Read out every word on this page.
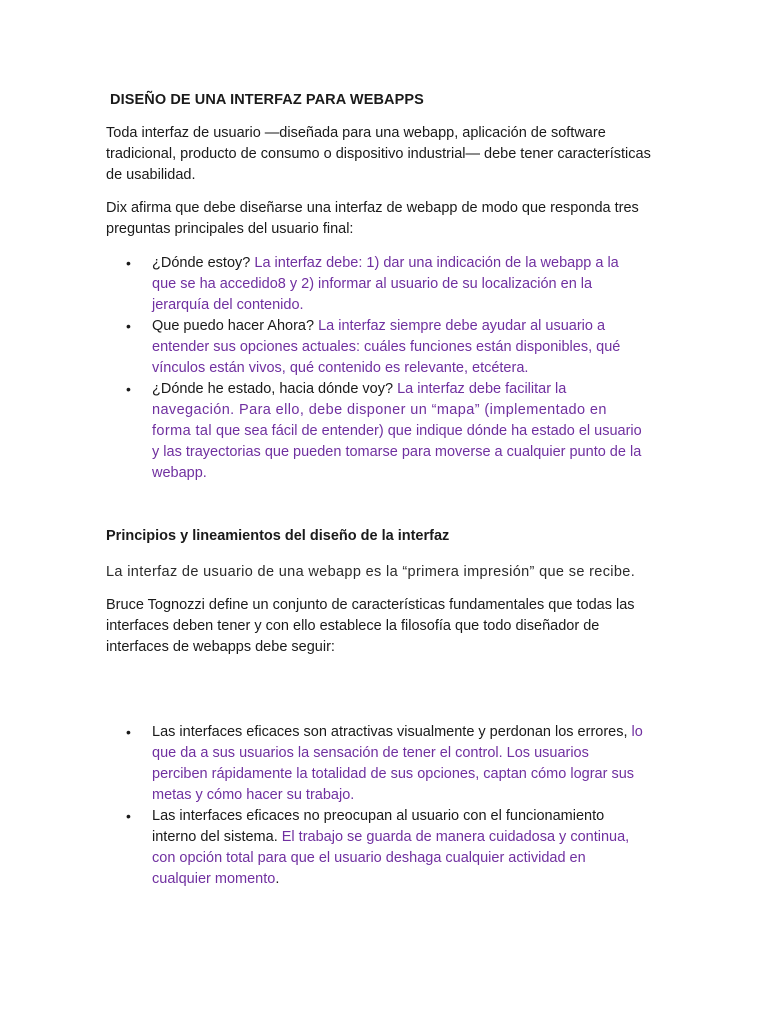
DISEÑO DE UNA INTERFAZ PARA WEBAPPS

Toda interfaz de usuario —diseñada para una webapp, aplicación de software tradicional, producto de consumo o dispositivo industrial— debe tener características de usabilidad.

Dix afirma que debe diseñarse una interfaz de webapp de modo que responda tres preguntas principales del usuario final:

• ¿Dónde estoy? La interfaz debe: 1) dar una indicación de la webapp a la que se ha accedido8 y 2) informar al usuario de su localización en la jerarquía del contenido.
• Que puedo hacer Ahora? La interfaz siempre debe ayudar al usuario a entender sus opciones actuales: cuáles funciones están disponibles, qué vínculos están vivos, qué contenido es relevante, etcétera.
• ¿Dónde he estado, hacia dónde voy? La interfaz debe facilitar la navegación. Para ello, debe disponer un “mapa” (implementado en forma tal que sea fácil de entender) que indique dónde ha estado el usuario y las trayectorias que pueden tomarse para moverse a cualquier punto de la webapp.
Principios y lineamientos del diseño de la interfaz

La interfaz de usuario de una webapp es la “primera impresión” que se recibe.

Bruce Tognozzi define un conjunto de características fundamentales que todas las interfaces deben tener y con ello establece la filosofía que todo diseñador de interfaces de webapps debe seguir:

• Las interfaces eficaces son atractivas visualmente y perdonan los errores, lo que da a sus usuarios la sensación de tener el control. Los usuarios perciben rápidamente la totalidad de sus opciones, captan cómo lograr sus metas y cómo hacer su trabajo.
• Las interfaces eficaces no preocupan al usuario con el funcionamiento interno del sistema. El trabajo se guarda de manera cuidadosa y continua, con opción total para que el usuario deshaga cualquier actividad en cualquier momento.
